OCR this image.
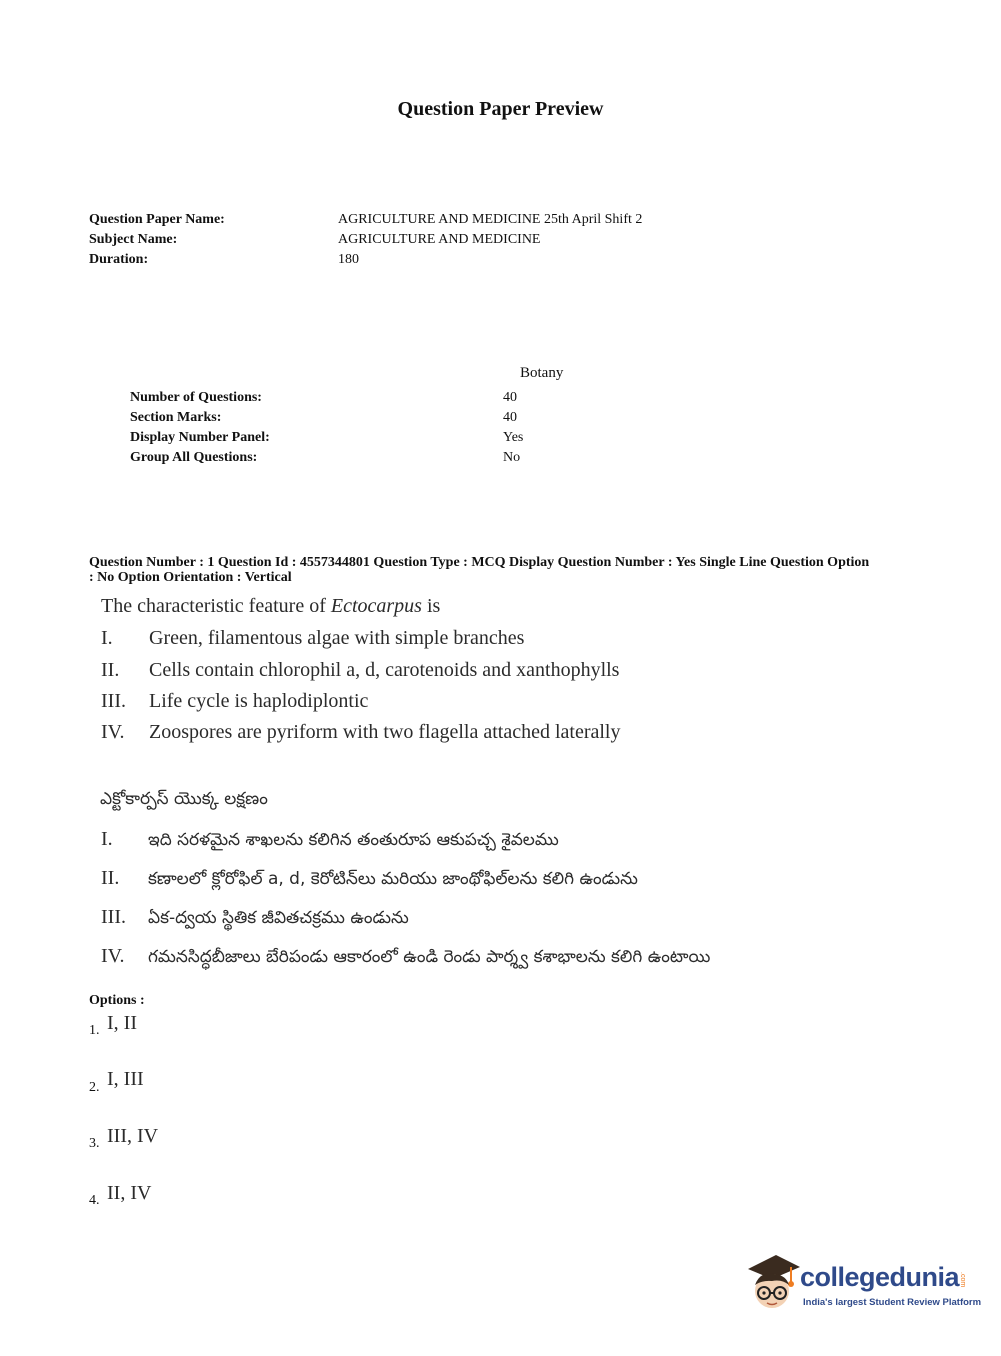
Question Paper Preview
Question Paper Name:	AGRICULTURE AND MEDICINE 25th April Shift 2
Subject Name:	AGRICULTURE AND MEDICINE
Duration:	180
Botany
Number of Questions:	40
Section Marks:	40
Display Number Panel:	Yes
Group All Questions:	No
Question Number : 1 Question Id : 4557344801 Question Type : MCQ Display Question Number : Yes Single Line Question Option
: No Option Orientation : Vertical
The characteristic feature of Ectocarpus is
I. Green, filamentous algae with simple branches
II. Cells contain chlorophil a, d, carotenoids and xanthophylls
III. Life cycle is haplodiplontic
IV. Zoospores are pyriform with two flagella attached laterally
ఎక్టోకార్పస్ యొక్క లక్షణం
I. ఇది సరళమైన శాఖలను కలిగిన తంతురూప ఆకుపచ్చ శైవలము
II. కణాలలో క్లోరోఫిల్ a, d, కెరోటిన్‌లు మరియు జాంథోఫిల్‌లను కలిగి ఉండును
III. ఏక-ద్వయ స్థితిక జీవితచక్రము ఉండును
IV. గమనసిద్ధబీజాలు బేరిపండు ఆకారంలో ఉండి రెండు పార్శ్వ కశాభాలను కలిగి ఉంటాయి
Options :
1. I, II
2. I, III
3. III, IV
4. II, IV
collegedunia .com
India's largest Student Review Platform
